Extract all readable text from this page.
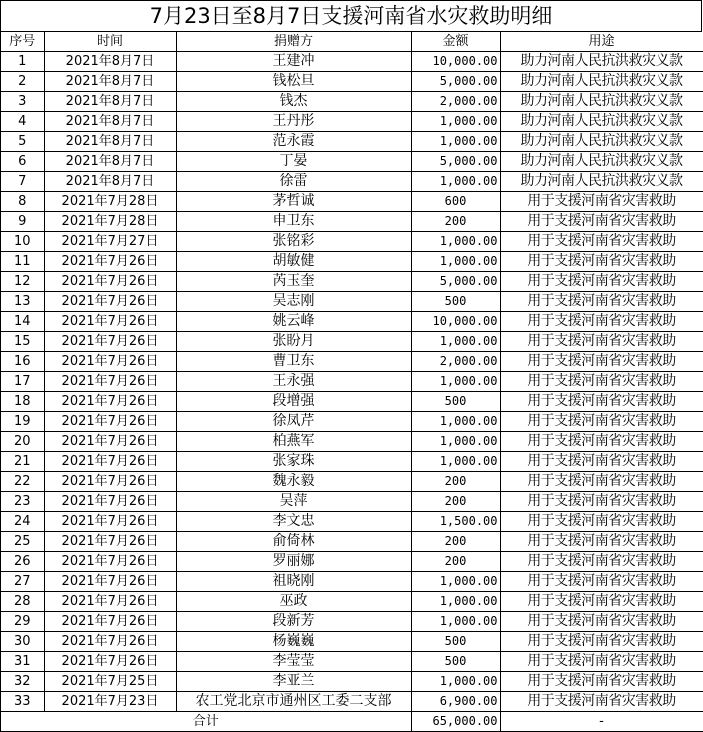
7月23日至8月7日支援河南省水灾救助明细
序号	时间	捐赠方	金额	用途
1	2021年8月7日	王建冲	10,000.00	助力河南人民抗洪救灾义款
2	2021年8月7日	钱松旦	5,000.00	助力河南人民抗洪救灾义款
3	2021年8月7日	钱杰	2,000.00	助力河南人民抗洪救灾义款
4	2021年8月7日	王丹彤	1,000.00	助力河南人民抗洪救灾义款
5	2021年8月7日	范永霞	1,000.00	助力河南人民抗洪救灾义款
6	2021年8月7日	丁晏	5,000.00	助力河南人民抗洪救灾义款
7	2021年8月7日	徐雷	1,000.00	助力河南人民抗洪救灾义款
8	2021年7月28日	茅哲诚	600	用于支援河南省灾害救助
9	2021年7月28日	申卫东	200	用于支援河南省灾害救助
10	2021年7月27日	张铭彩	1,000.00	用于支援河南省灾害救助
11	2021年7月26日	胡敏健	1,000.00	用于支援河南省灾害救助
12	2021年7月26日	芮玉奎	5,000.00	用于支援河南省灾害救助
13	2021年7月26日	吴志刚	500	用于支援河南省灾害救助
14	2021年7月26日	姚云峰	10,000.00	用于支援河南省灾害救助
15	2021年7月26日	张盼月	1,000.00	用于支援河南省灾害救助
16	2021年7月26日	曹卫东	2,000.00	用于支援河南省灾害救助
17	2021年7月26日	王永强	1,000.00	用于支援河南省灾害救助
18	2021年7月26日	段增强	500	用于支援河南省灾害救助
19	2021年7月26日	徐凤芹	1,000.00	用于支援河南省灾害救助
20	2021年7月26日	柏燕军	1,000.00	用于支援河南省灾害救助
21	2021年7月26日	张家珠	1,000.00	用于支援河南省灾害救助
22	2021年7月26日	魏永毅	200	用于支援河南省灾害救助
23	2021年7月26日	吴萍	200	用于支援河南省灾害救助
24	2021年7月26日	李文忠	1,500.00	用于支援河南省灾害救助
25	2021年7月26日	俞倚林	200	用于支援河南省灾害救助
26	2021年7月26日	罗丽娜	200	用于支援河南省灾害救助
27	2021年7月26日	祖晓刚	1,000.00	用于支援河南省灾害救助
28	2021年7月26日	巫政	1,000.00	用于支援河南省灾害救助
29	2021年7月26日	段新芳	1,000.00	用于支援河南省灾害救助
30	2021年7月26日	杨巍巍	500	用于支援河南省灾害救助
31	2021年7月26日	李莹莹	500	用于支援河南省灾害救助
32	2021年7月25日	李亚兰	1,000.00	用于支援河南省灾害救助
33	2021年7月23日	农工党北京市通州区工委二支部	6,900.00	用于支援河南省灾害救助
合计			65,000.00	-
